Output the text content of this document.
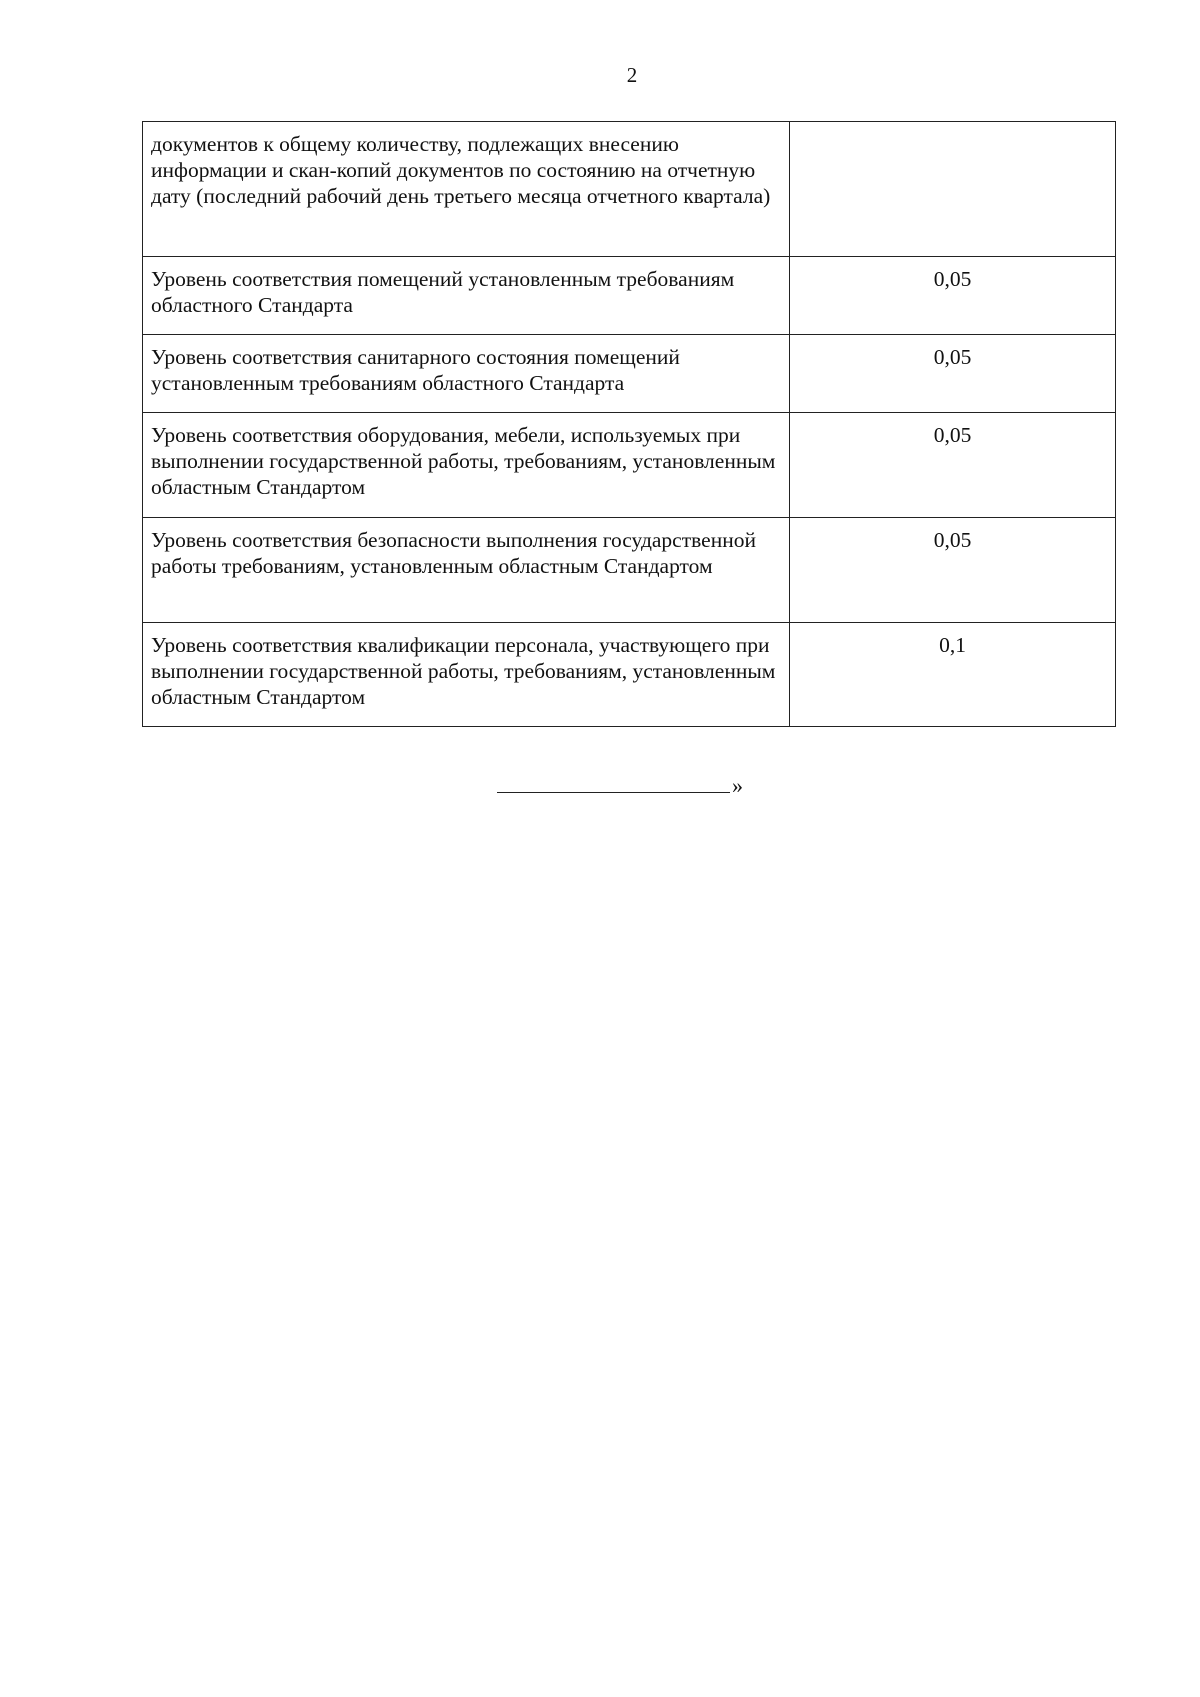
2
документов к общему количеству, подлежащих внесению информации и скан-копий документов по состоянию на отчетную дату (последний рабочий день третьего месяца отчетного квартала)	
Уровень соответствия помещений установленным требованиям областного Стандарта	0,05
Уровень соответствия санитарного состояния помещений установленным требованиям областного Стандарта	0,05
Уровень соответствия оборудования, мебели, используемых при выполнении государственной работы, требованиям, установленным областным Стандартом	0,05
Уровень соответствия безопасности выполнения государственной работы требованиям, установленным областным Стандартом	0,05
Уровень соответствия квалификации персонала, участвующего при выполнении государственной работы, требованиям, установленным областным Стандартом	0,1
»
